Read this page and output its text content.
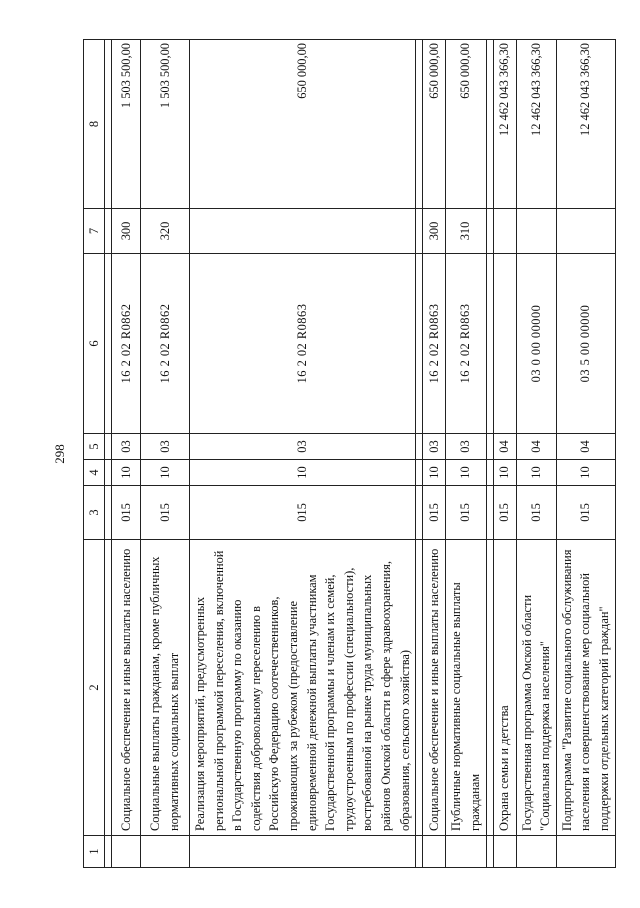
298
1	2	3	4	5	6	7	8

	Социальное обеспечение и иные выплаты населению	015	10	03	16 2 02 R0862	300	1 503 500,00
	Социальные выплаты гражданам, кроме публичных нормативных социальных выплат	015	10	03	16 2 02 R0862	320	1 503 500,00
	Реализация мероприятий, предусмотренных региональной программой переселения, включенной в Государственную программу по оказанию содействия добровольному переселению в Российскую Федерацию соотечественников, проживающих за рубежом (предоставление единовременной денежной выплаты участникам Государственной программы и членам их семей, трудоустроенным по профессии (специальности), востребованной на рынке труда муниципальных районов Омской области в сфере здравоохранения, образования, сельского хозяйства)	015	10	03	16 2 02 R0863		650 000,00

	Социальное обеспечение и иные выплаты населению	015	10	03	16 2 02 R0863	300	650 000,00
	Публичные нормативные социальные выплаты гражданам	015	10	03	16 2 02 R0863	310	650 000,00

	Охрана семьи и детства	015	10	04			12 462 043 366,30
	Государственная программа Омской области "Социальная поддержка населения"	015	10	04	03 0 00 00000		12 462 043 366,30
	Подпрограмма "Развитие социального обслуживания населения и совершенствование мер социальной поддержки отдельных категорий граждан"	015	10	04	03 5 00 00000		12 462 043 366,30
